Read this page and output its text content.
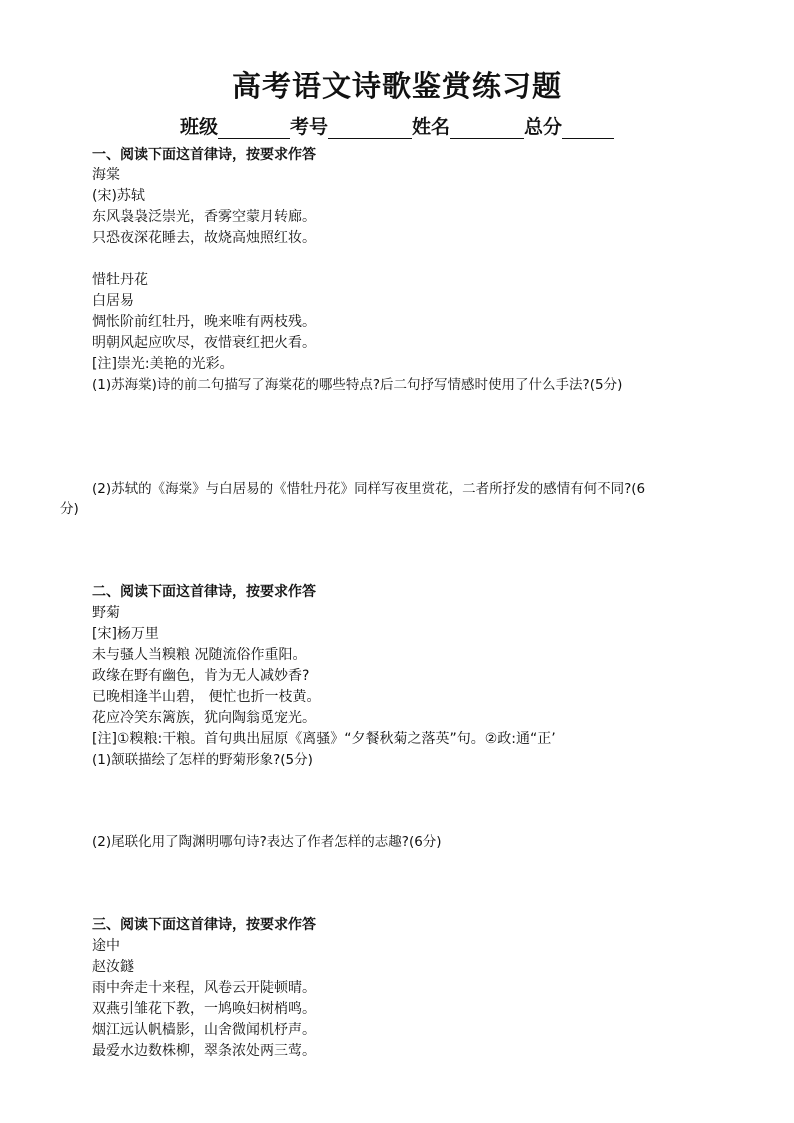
高考语文诗歌鉴赏练习题
班级	考号	姓名	总分
一、阅读下面这首律诗，按要求作答
海棠
(宋)苏轼
东风袅袅泛崇光，香雾空蒙月转廊。
只恐夜深花睡去，故烧高烛照红妆。
惜牡丹花
白居易
惆怅阶前红牡丹，晚来唯有两枝残。
明朝风起应吹尽，夜惜衰红把火看。
[注]崇光:美艳的光彩。
(1)苏海棠)诗的前二句描写了海棠花的哪些特点?后二句抒写情感时使用了什么手法?(5分)
(2)苏轼的《海棠》与白居易的《惜牡丹花》同样写夜里赏花，二者所抒发的感情有何不同?(6
分)
二、阅读下面这首律诗，按要求作答
野菊
[宋]杨万里
未与骚人当糗粮 况随流俗作重阳。
政缘在野有幽色，肯为无人减妙香?
已晚相逢半山碧， 便忙也折一枝黄。
花应冷笑东篱族，犹向陶翁觅宠光。
[注]①糗粮:干粮。首句典出屈原《离骚》“夕餐秋菊之落英”句。②政:通“正’
(1)颔联描绘了怎样的野菊形象?(5分)
(2)尾联化用了陶渊明哪句诗?表达了作者怎样的志趣?(6分)
三、阅读下面这首律诗，按要求作答
途中
赵汝鐩
雨中奔走十来程，风卷云开陡顿晴。
双燕引雏花下教，一鸠唤妇树梢鸣。
烟江远认帆樯影，山舍微闻机杼声。
最爱水边数株柳，翠条浓处两三莺。
